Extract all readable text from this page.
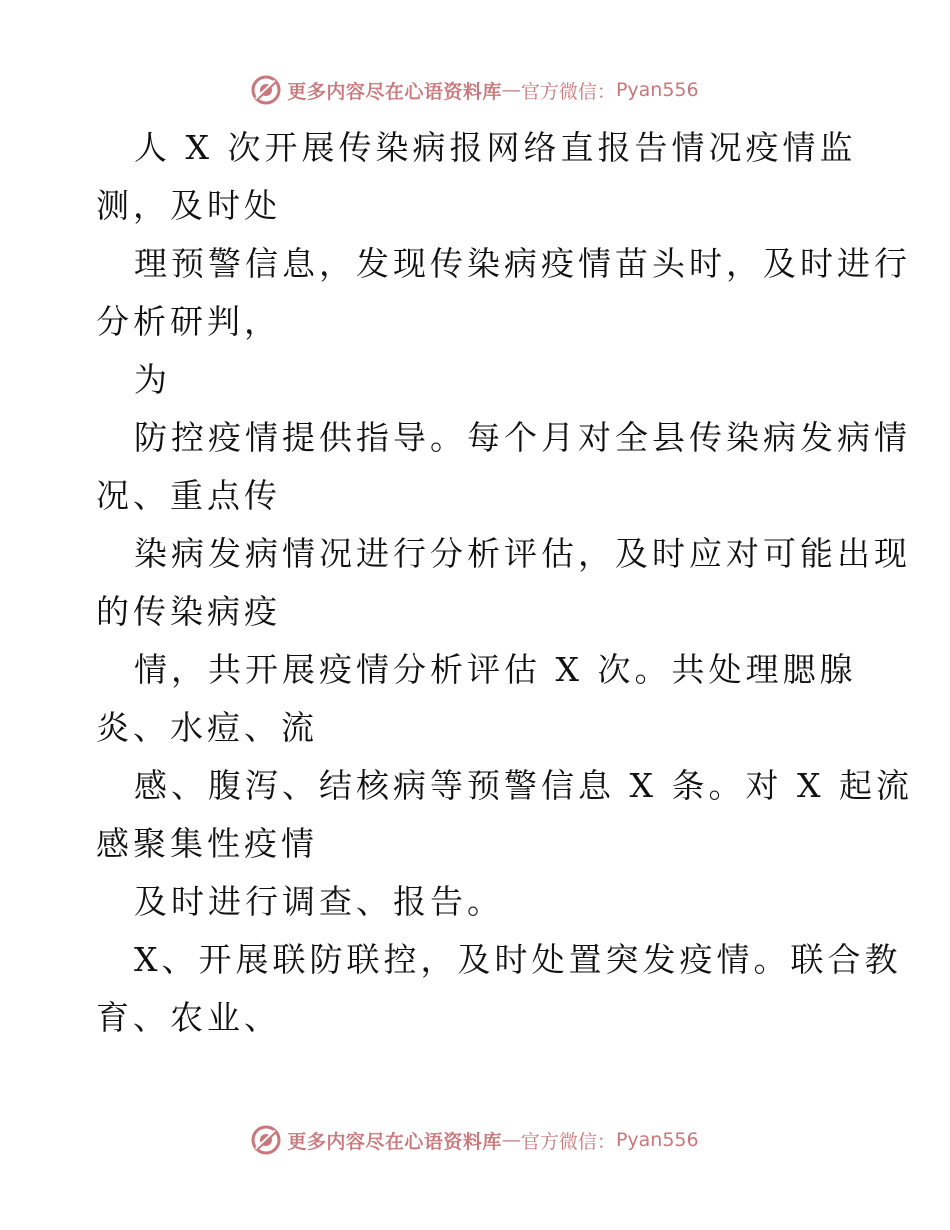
更多内容尽在心语资料库 — 官方微信： Pyan556
人 X 次开展传染病报网络直报告情况疫情监
测，及时处
理预警信息，发现传染病疫情苗头时，及时进行
分析研判，
为
防控疫情提供指导。每个月对全县传染病发病情
况、重点传
染病发病情况进行分析评估，及时应对可能出现
的传染病疫
情，共开展疫情分析评估 X 次。共处理腮腺
炎、水痘、流
感、腹泻、结核病等预警信息 X 条。对 X 起流
感聚集性疫情
及时进行调查、报告。
X、开展联防联控，及时处置突发疫情。联合教
育、农业、
更多内容尽在心语资料库 — 官方微信： Pyan556
